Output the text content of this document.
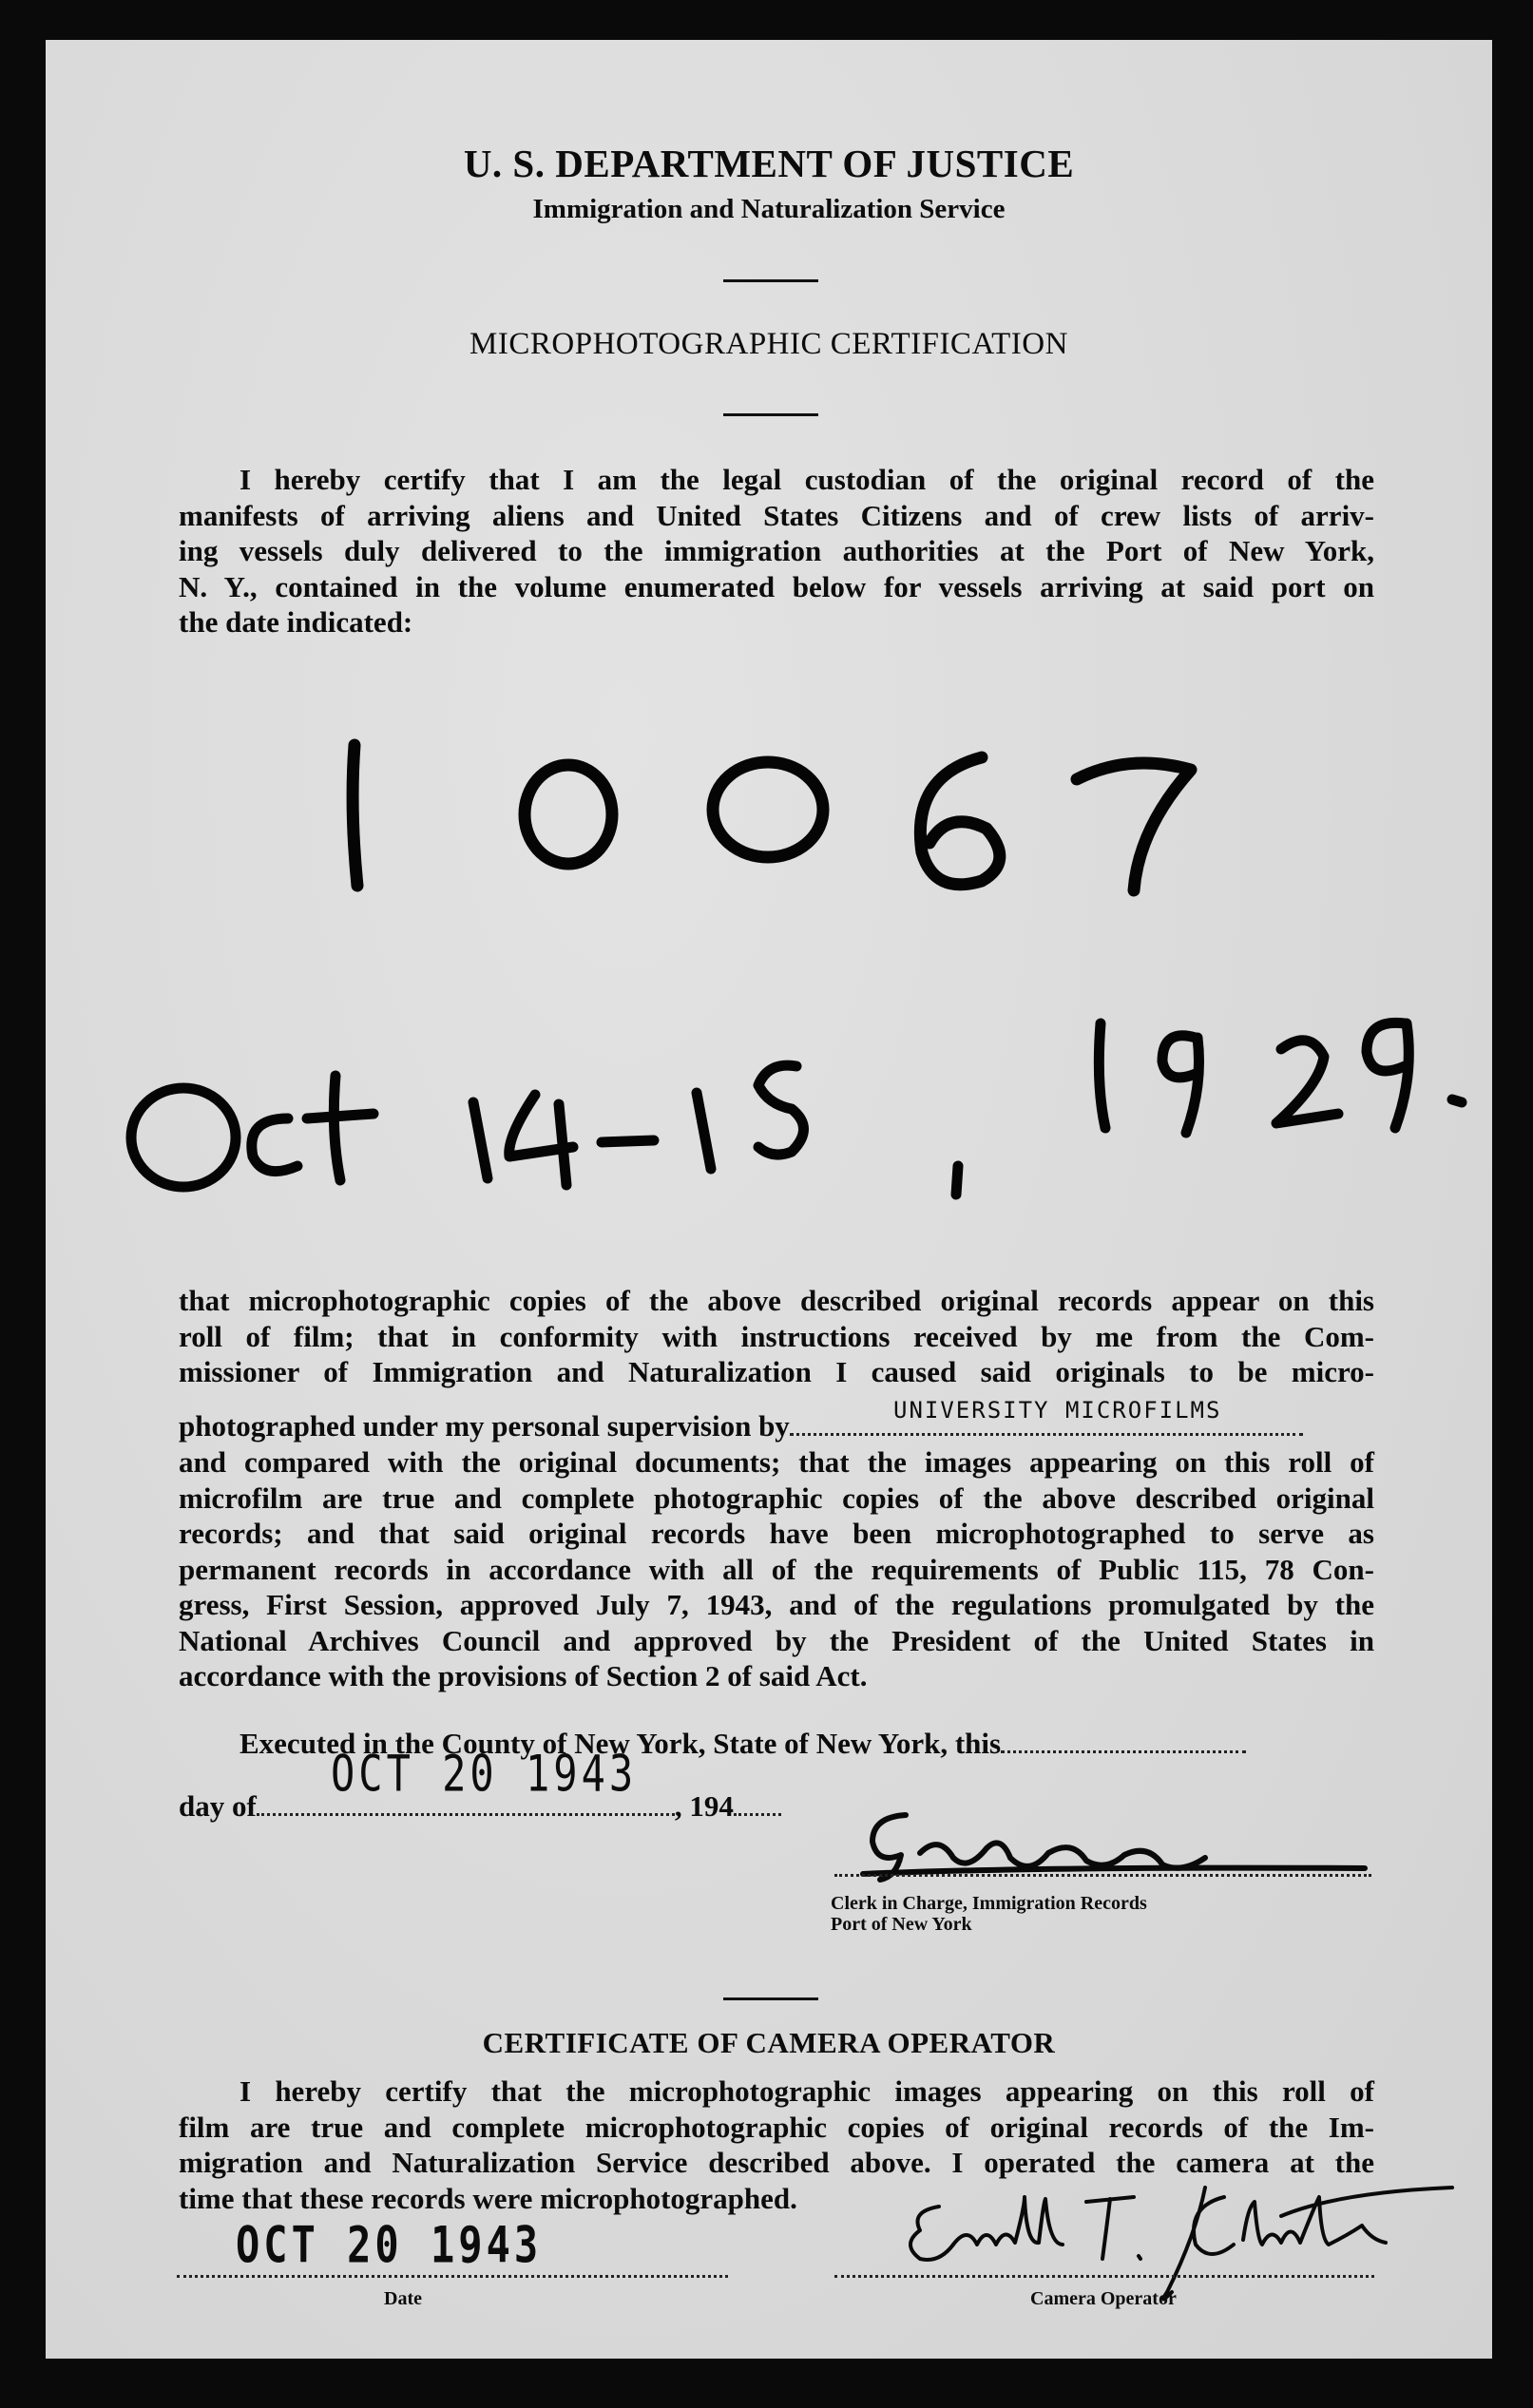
U. S. DEPARTMENT OF JUSTICE
Immigration and Naturalization Service
MICROPHOTOGRAPHIC CERTIFICATION
I hereby certify that I am the legal custodian of the original record of the
manifests of arriving aliens and United States Citizens and of crew lists of arriv-
ing vessels duly delivered to the immigration authorities at the Port of New York,
N. Y., contained in the volume enumerated below for vessels arriving at said port on
the date indicated:
that microphotographic copies of the above described original records appear on this
roll of film; that in conformity with instructions received by me from the Com-
missioner of Immigration and Naturalization I caused said originals to be micro-
photographed under my personal supervision by	UNIVERSITY MICROFILMS
and compared with the original documents; that the images appearing on this roll of
microfilm are true and complete photographic copies of the above described original
records; and that said original records have been microphotographed to serve as
permanent records in accordance with all of the requirements of Public 115, 78 Con-
gress, First Session, approved July 7, 1943, and of the regulations promulgated by the
National Archives Council and approved by the President of the United States in
accordance with the provisions of Section 2 of said Act.
Executed in the County of New York, State of New York, this
OCT 20 1943
day of	, 194
Clerk in Charge, Immigration Records
Port of New York
CERTIFICATE OF CAMERA OPERATOR
I hereby certify that the microphotographic images appearing on this roll of
film are true and complete microphotographic copies of original records of the Im-
migration and Naturalization Service described above. I operated the camera at the
time that these records were microphotographed.
OCT 20 1943
Date	Camera Operator
